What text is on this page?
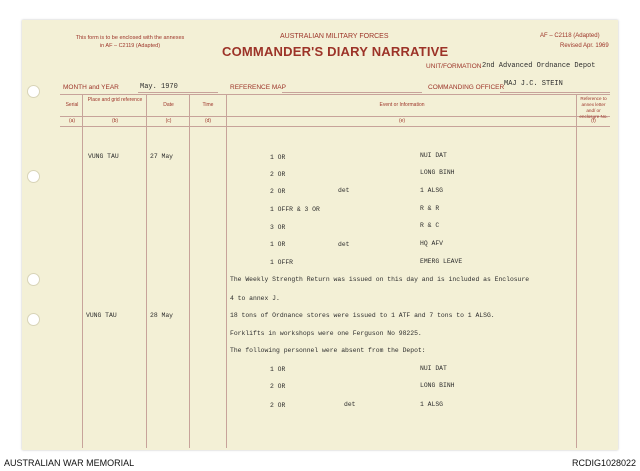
This form is to be enclosed with the annexes in AF – C2119 (Adapted)
AUSTRALIAN MILITARY FORCES
COMMANDER'S DIARY NARRATIVE
AF – C2118 (Adapted)
Revised Apr. 1969
UNIT/FORMATION 2nd Advanced Ordnance Depot
MONTH and YEAR	May. 1970	REFERENCE MAP	COMMANDING OFFICER MAJ J.C. STEIN
Serial
Place and grid reference
Date	Time	Event or Information
Reference to annex letter and/ or enclosure No.
(a)	(b)	(c)	(d)	(e)	(f)
VUNG TAU	27 May	1 OR	NUI DAT
2 OR	LONG BINH
2 OR	det	1 ALSG
1 OFFR & 3 OR	R & R
3 OR	R & C
1 OR	det	HQ AFV
1 OFFR	EMERG LEAVE
The Weekly Strength Return was issued on this day and is included as Enclosure
4 to annex J.
VUNG TAU	28 May	18 tons of Ordnance stores were issued to 1 ATF and 7 tons to 1 ALSG.
Forklifts in workshops were one Ferguson No 98225.
The following personnel were absent from the Depot:
1 OR	NUI DAT
2 OR	LONG BINH
2 OR	det	1 ALSG
AUSTRALIAN WAR MEMORIAL	RCDIG1028022
